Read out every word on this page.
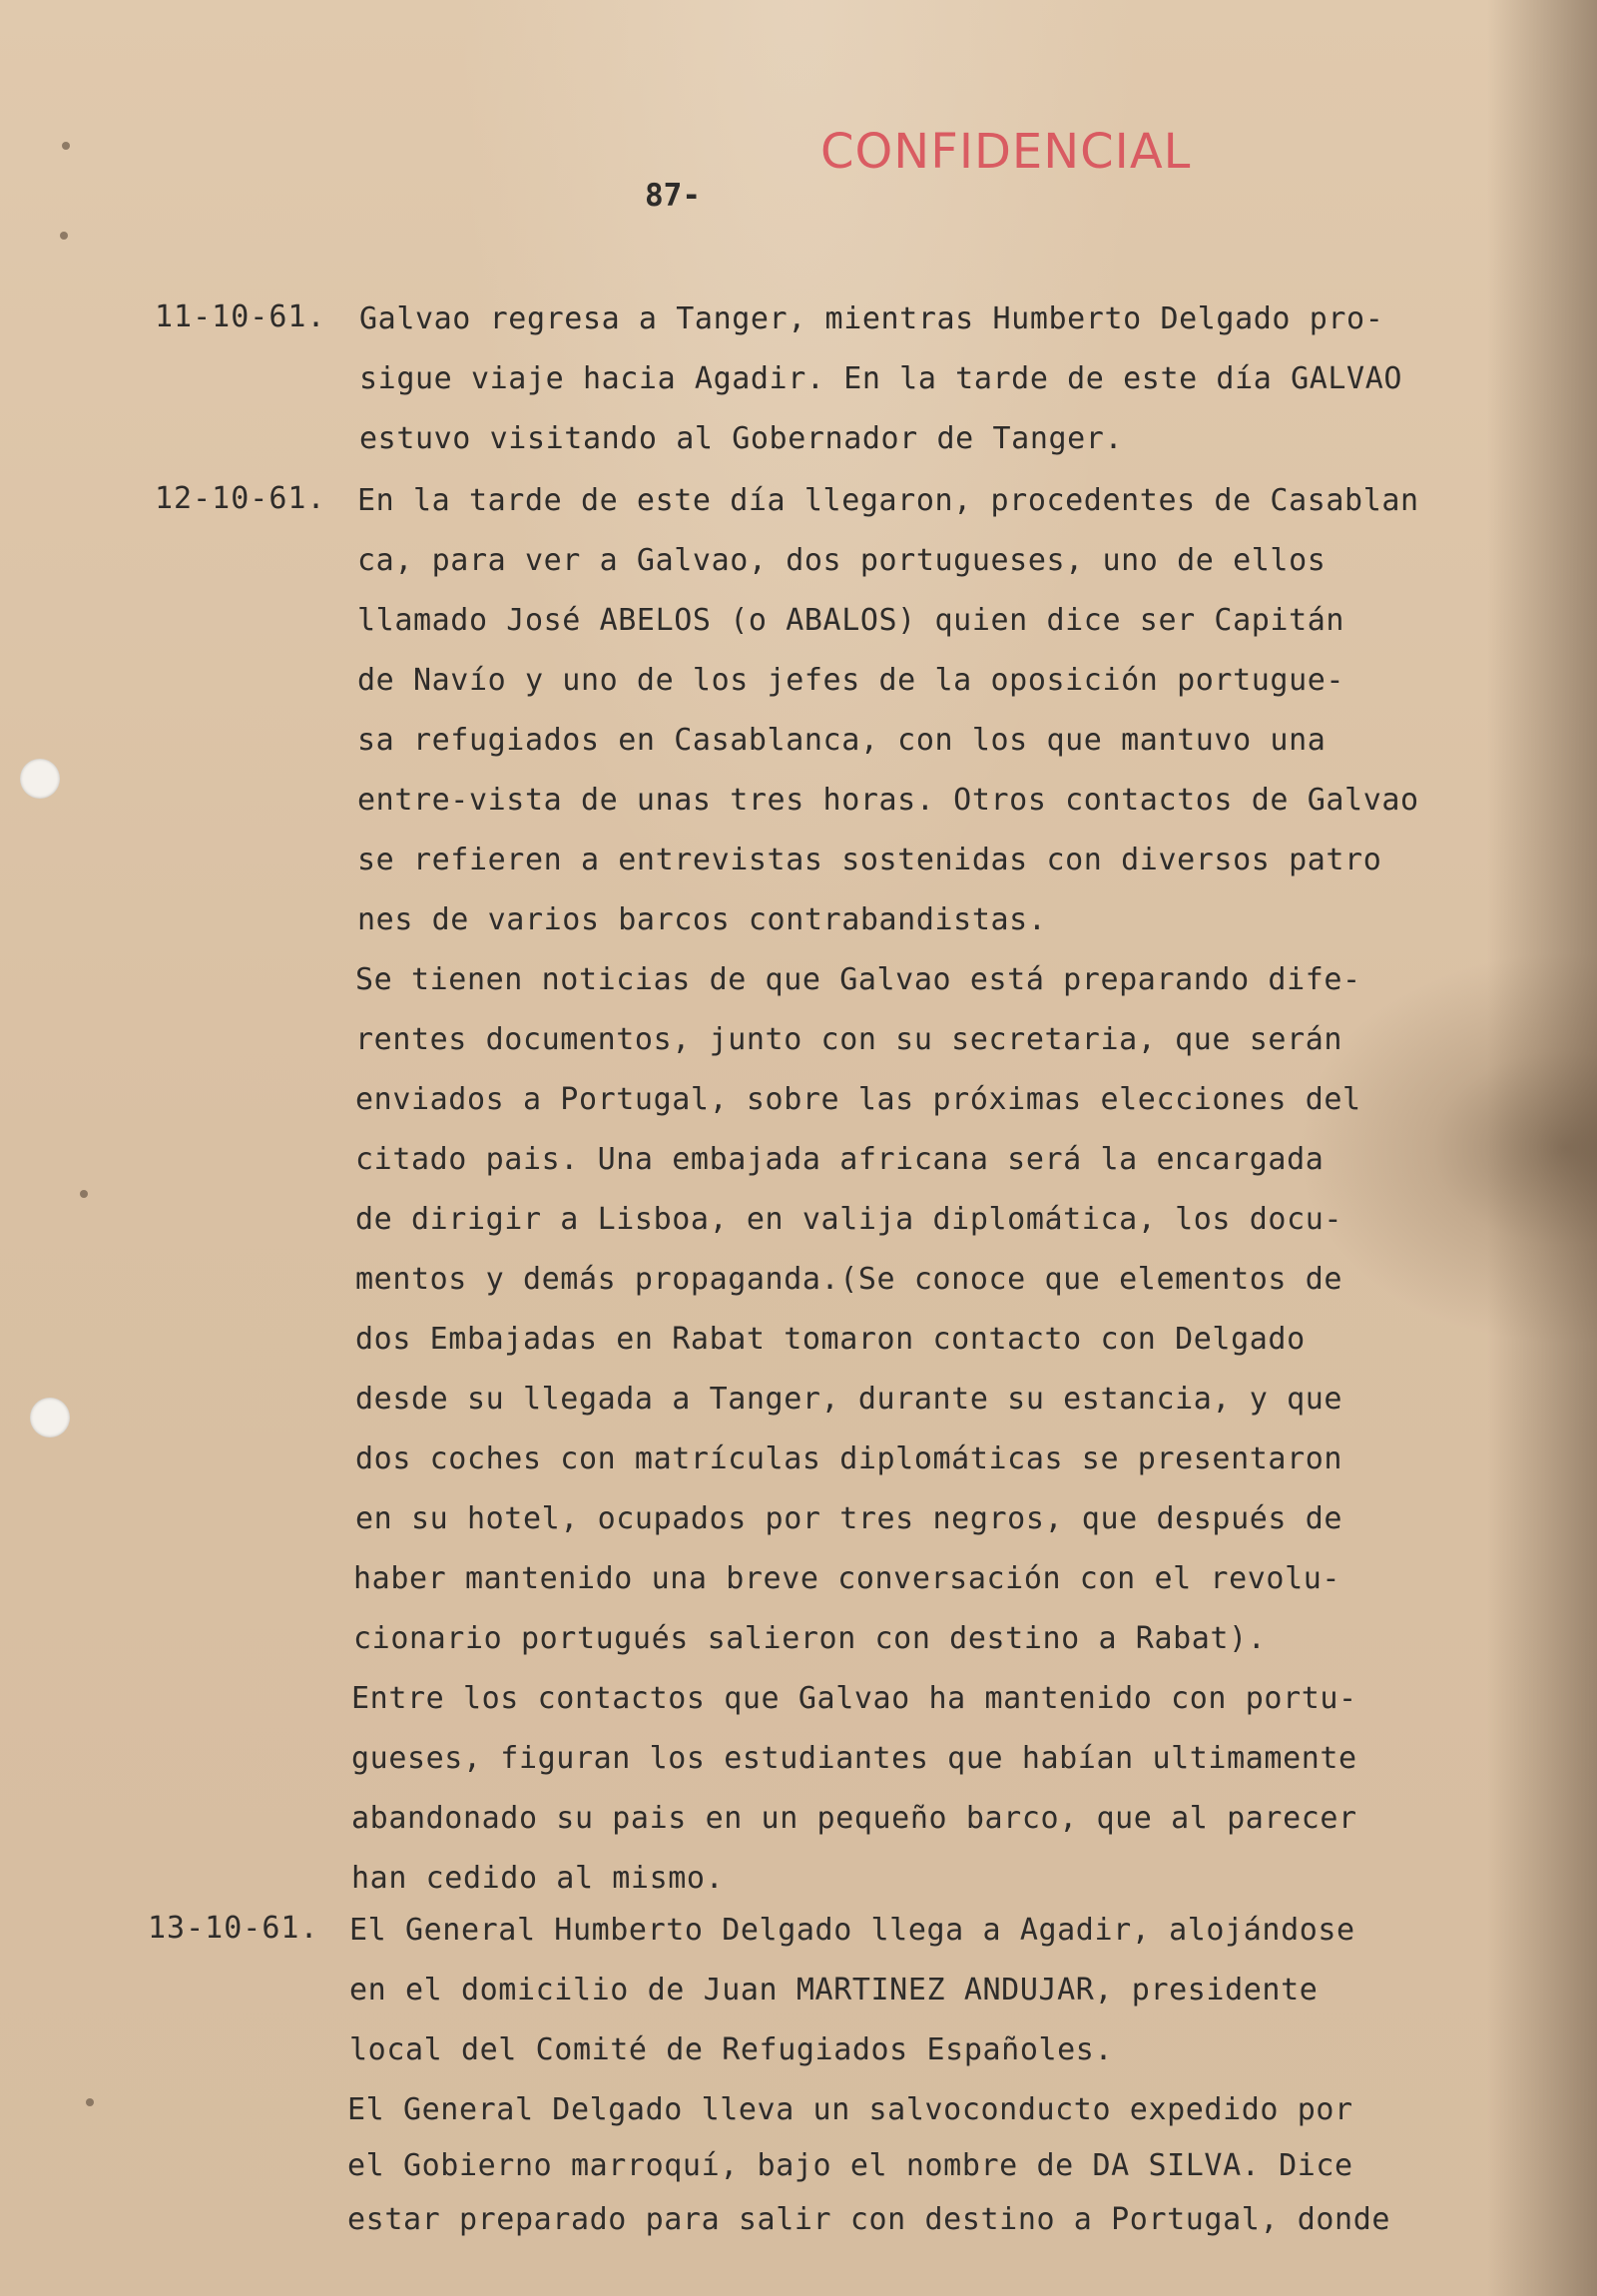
CONFIDENCIAL
87-
11-10-61. Galvao regresa a Tanger, mientras Humberto Delgado pro-
sigue viaje hacia Agadir. En la tarde de este día GALVAO
estuvo visitando al Gobernador de Tanger.
12-10-61. En la tarde de este día llegaron, procedentes de Casablan
ca, para ver a Galvao, dos portugueses, uno de ellos
llamado José ABELOS (o ABALOS) quien dice ser Capitán
de Navío y uno de los jefes de la oposición portugue-
sa refugiados en Casablanca, con los que mantuvo una
entre-vista de unas tres horas. Otros contactos de Galvao
se refieren a entrevistas sostenidas con diversos patro
nes de varios barcos contrabandistas.
Se tienen noticias de que Galvao está preparando dife-
rentes documentos, junto con su secretaria, que serán
enviados a Portugal, sobre las próximas elecciones del
citado pais. Una embajada africana será la encargada
de dirigir a Lisboa, en valija diplomática, los docu-
mentos y demás propaganda.(Se conoce que elementos de
dos Embajadas en Rabat tomaron contacto con Delgado
desde su llegada a Tanger, durante su estancia, y que
dos coches con matrículas diplomáticas se presentaron
en su hotel, ocupados por tres negros, que después de
haber mantenido una breve conversación con el revolu-
cionario portugués salieron con destino a Rabat).
Entre los contactos que Galvao ha mantenido con portu-
gueses, figuran los estudiantes que habían ultimamente
abandonado su pais en un pequeño barco, que al parecer
han cedido al mismo.
13-10-61. El General Humberto Delgado llega a Agadir, alojándose
en el domicilio de Juan MARTINEZ ANDUJAR, presidente
local del Comité de Refugiados Españoles.
El General Delgado lleva un salvoconducto expedido por
el Gobierno marroquí, bajo el nombre de DA SILVA. Dice
estar preparado para salir con destino a Portugal, donde
